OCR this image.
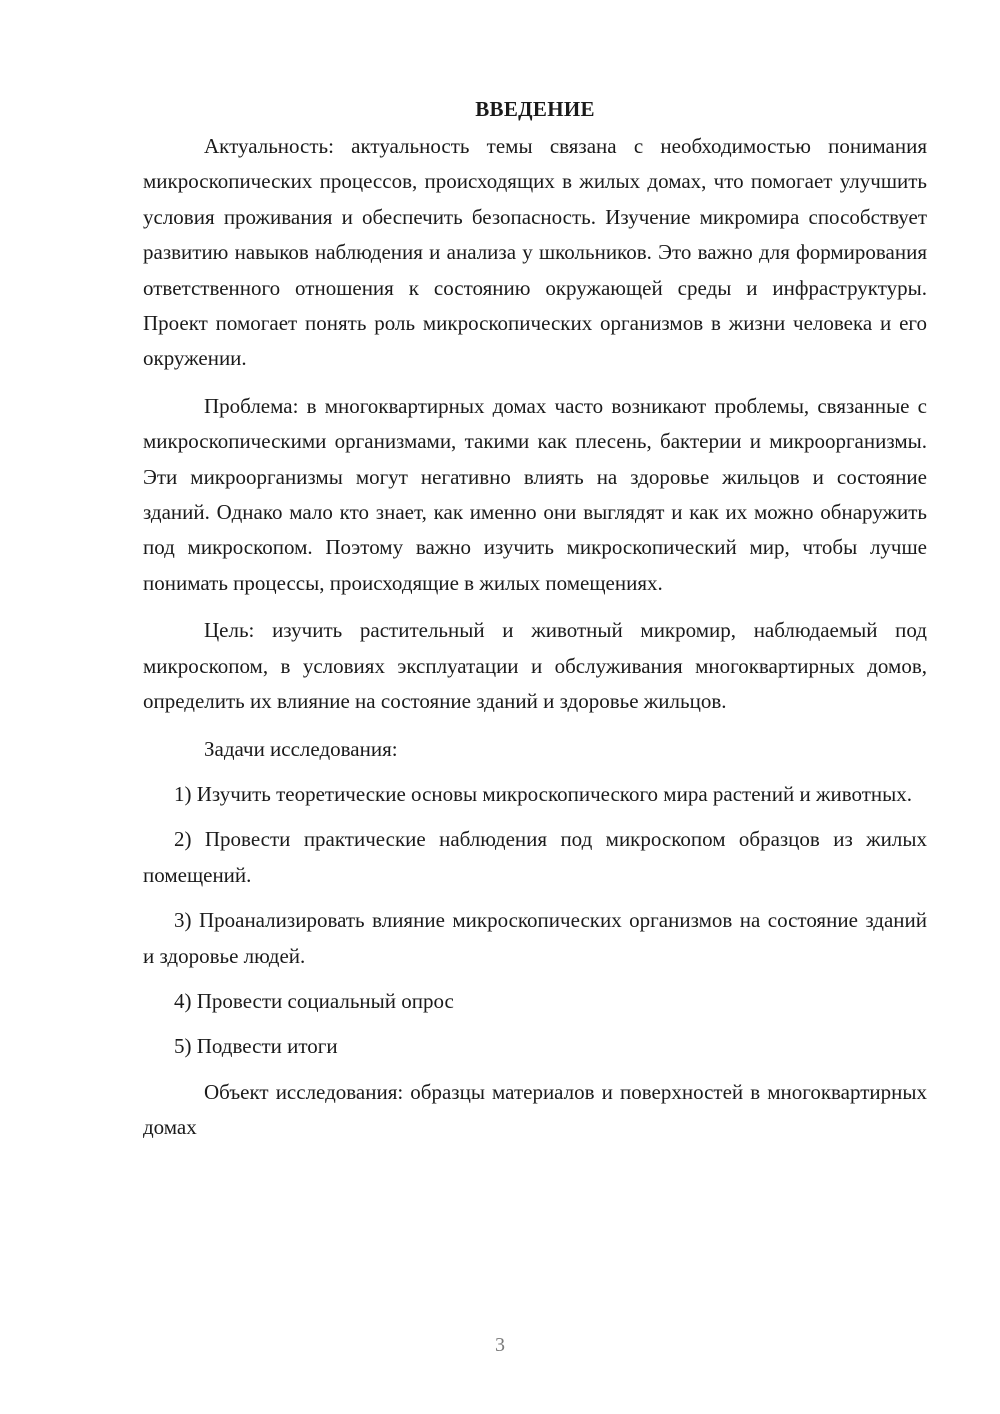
ВВЕДЕНИЕ

Актуальность: актуальность темы связана с необходимостью понимания микроскопических процессов, происходящих в жилых домах, что помогает улучшить условия проживания и обеспечить безопасность. Изучение микромира способствует развитию навыков наблюдения и анализа у школьников. Это важно для формирования ответственного отношения к состоянию окружающей среды и инфраструктуры. Проект помогает понять роль микроскопических организмов в жизни человека и его окружении.

Проблема: в многоквартирных домах часто возникают проблемы, связанные с микроскопическими организмами, такими как плесень, бактерии и микроорганизмы. Эти микроорганизмы могут негативно влиять на здоровье жильцов и состояние зданий. Однако мало кто знает, как именно они выглядят и как их можно обнаружить под микроскопом. Поэтому важно изучить микроскопический мир, чтобы лучше понимать процессы, происходящие в жилых помещениях.

Цель: изучить растительный и животный микромир, наблюдаемый под микроскопом, в условиях эксплуатации и обслуживания многоквартирных домов, определить их влияние на состояние зданий и здоровье жильцов.

Задачи исследования:

1) Изучить теоретические основы микроскопического мира растений и животных.

2) Провести практические наблюдения под микроскопом образцов из жилых помещений.

3) Проанализировать влияние микроскопических организмов на состояние зданий и здоровье людей.

4) Провести социальный опрос

5) Подвести итоги

Объект исследования: образцы материалов и поверхностей в многоквартирных домах

3
